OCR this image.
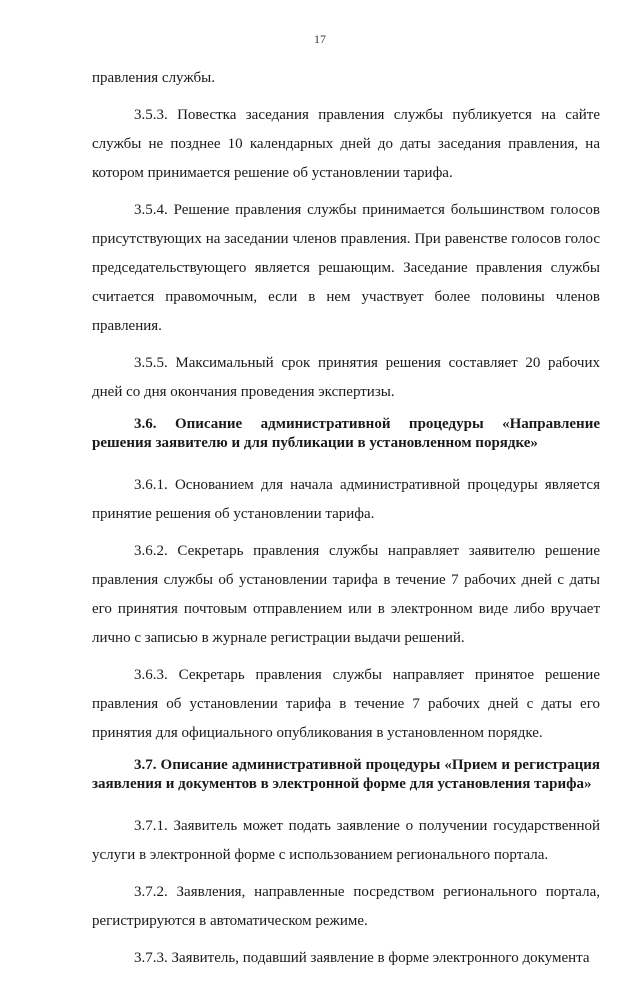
17

правления службы.

3.5.3. Повестка заседания правления службы публикуется на сайте службы не позднее 10 календарных дней до даты заседания правления, на котором принимается решение об установлении тарифа.

3.5.4. Решение правления службы принимается большинством голосов присутствующих на заседании членов правления. При равенстве голосов голос председательствующего является решающим. Заседание правления службы считается правомочным, если в нем участвует более половины членов правления.

3.5.5. Максимальный срок принятия решения составляет 20 рабочих дней со дня окончания проведения экспертизы.

3.6. Описание административной процедуры «Направление решения заявителю и для публикации в установленном порядке»

3.6.1. Основанием для начала административной процедуры является принятие решения об установлении тарифа.

3.6.2. Секретарь правления службы направляет заявителю решение правления службы об установлении тарифа в течение 7 рабочих дней с даты его принятия почтовым отправлением или в электронном виде либо вручает лично с записью в журнале регистрации выдачи решений.

3.6.3. Секретарь правления службы направляет принятое решение правления об установлении тарифа в течение 7 рабочих дней с даты его принятия для официального опубликования в установленном порядке.

3.7. Описание административной процедуры «Прием и регистрация заявления и документов в электронной форме для установления тарифа»

3.7.1. Заявитель может подать заявление о получении государственной услуги в электронной форме с использованием регионального портала.

3.7.2. Заявления, направленные посредством регионального портала, регистрируются в автоматическом режиме.

3.7.3. Заявитель, подавший заявление в форме электронного документа
